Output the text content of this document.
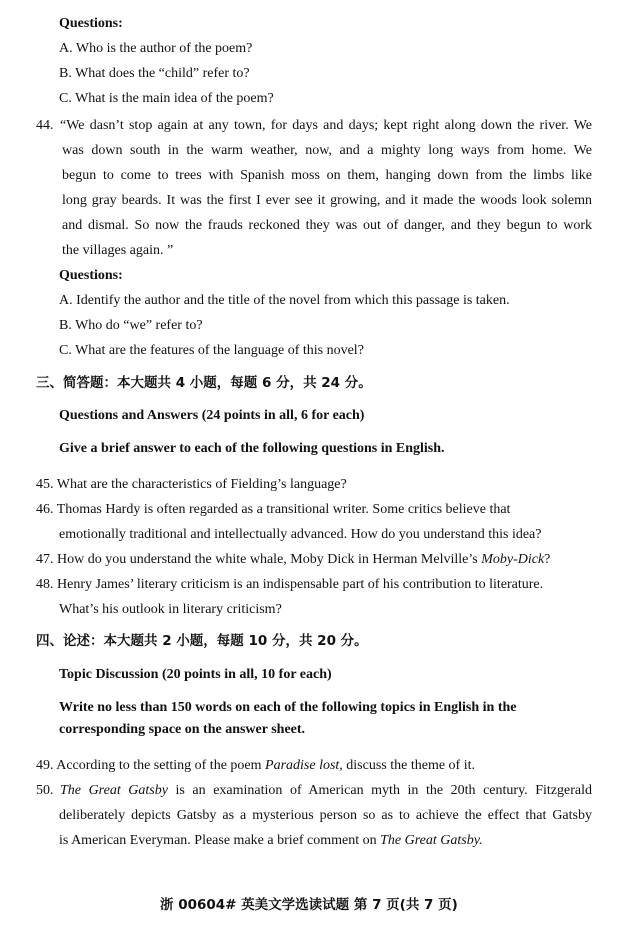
Questions:
A. Who is the author of the poem?
B. What does the “child” refer to?
C. What is the main idea of the poem?
44. “We dasn’t stop again at any town, for days and days; kept right along down the river. We
was down south in the warm weather, now, and a mighty long ways from home. We
begun to come to trees with Spanish moss on them, hanging down from the limbs like
long gray beards. It was the first I ever see it growing, and it made the woods look solemn
and dismal. So now the frauds reckoned they was out of danger, and they begun to work
the villages again. ”
Questions:
A. Identify the author and the title of the novel from which this passage is taken.
B. Who do “we” refer to?
C. What are the features of the language of this novel?
三、简答题：本大题共 4 小题，每题 6 分，共 24 分。
Questions and Answers (24 points in all, 6 for each)
Give a brief answer to each of the following questions in English.
45. What are the characteristics of Fielding’s language?
46. Thomas Hardy is often regarded as a transitional writer. Some critics believe that
emotionally traditional and intellectually advanced. How do you understand this idea?
47. How do you understand the white whale, Moby Dick in Herman Melville’s Moby-Dick?
48. Henry James’ literary criticism is an indispensable part of his contribution to literature.
What’s his outlook in literary criticism?
四、论述：本大题共 2 小题，每题 10 分，共 20 分。
Topic Discussion (20 points in all, 10 for each)
Write no less than 150 words on each of the following topics in English in the
corresponding space on the answer sheet.
49. According to the setting of the poem Paradise lost, discuss the theme of it.
50. The Great Gatsby is an examination of American myth in the 20th century. Fitzgerald
deliberately depicts Gatsby as a mysterious person so as to achieve the effect that Gatsby
is American Everyman. Please make a brief comment on The Great Gatsby.
浙 00604# 英美文学选读试题 第 7 页(共 7 页)
